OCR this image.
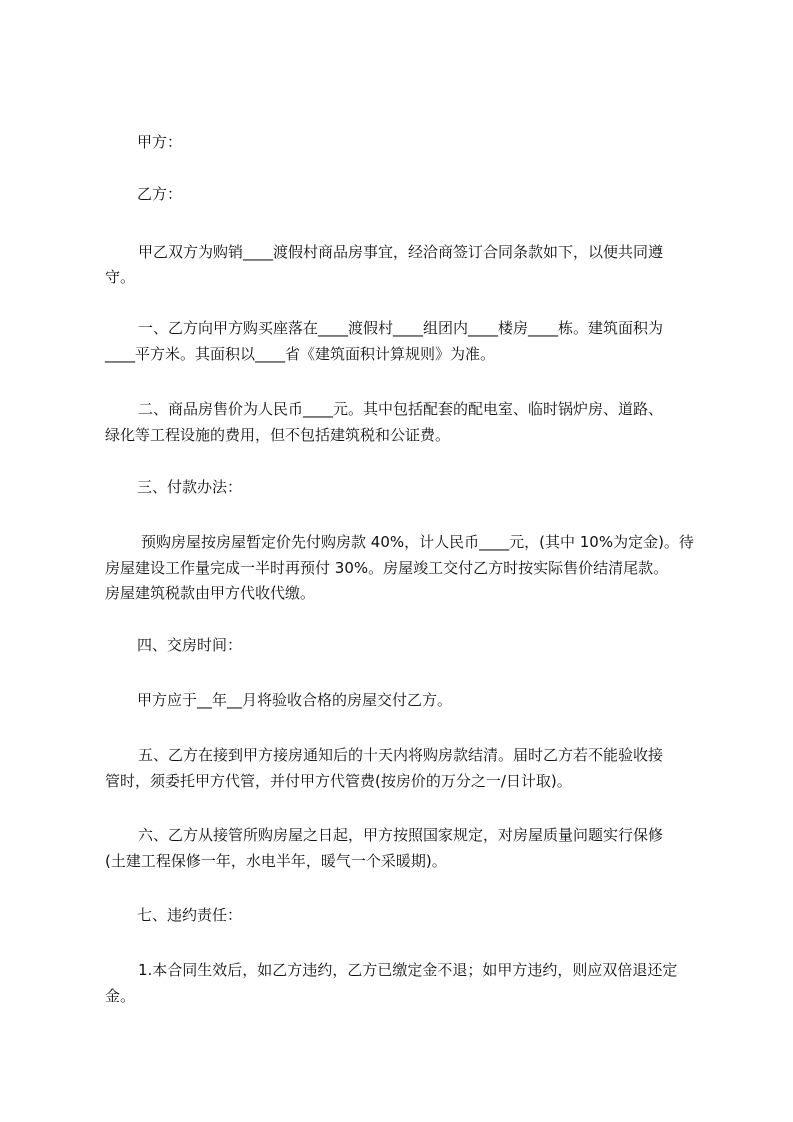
甲方：
乙方：
甲乙双方为购销____渡假村商品房事宜，经洽商签订合同条款如下，以便共同遵
守。
一、乙方向甲方购买座落在____渡假村____组团内____楼房____栋。建筑面积为
____平方米。其面积以____省《建筑面积计算规则》为准。
二、商品房售价为人民币____元。其中包括配套的配电室、临时锅炉房、道路、
绿化等工程设施的费用，但不包括建筑税和公证费。
三、付款办法：
预购房屋按房屋暂定价先付购房款 40%，计人民币____元，(其中 10%为定金)。待
房屋建设工作量完成一半时再预付 30%。房屋竣工交付乙方时按实际售价结清尾款。
房屋建筑税款由甲方代收代缴。
四、交房时间：
甲方应于__年__月将验收合格的房屋交付乙方。
五、乙方在接到甲方接房通知后的十天内将购房款结清。届时乙方若不能验收接
管时，须委托甲方代管，并付甲方代管费(按房价的万分之一/日计取)。
六、乙方从接管所购房屋之日起，甲方按照国家规定，对房屋质量问题实行保修
(土建工程保修一年，水电半年，暖气一个采暖期)。
七、违约责任：
1.本合同生效后，如乙方违约，乙方已缴定金不退；如甲方违约，则应双倍退还定
金。
